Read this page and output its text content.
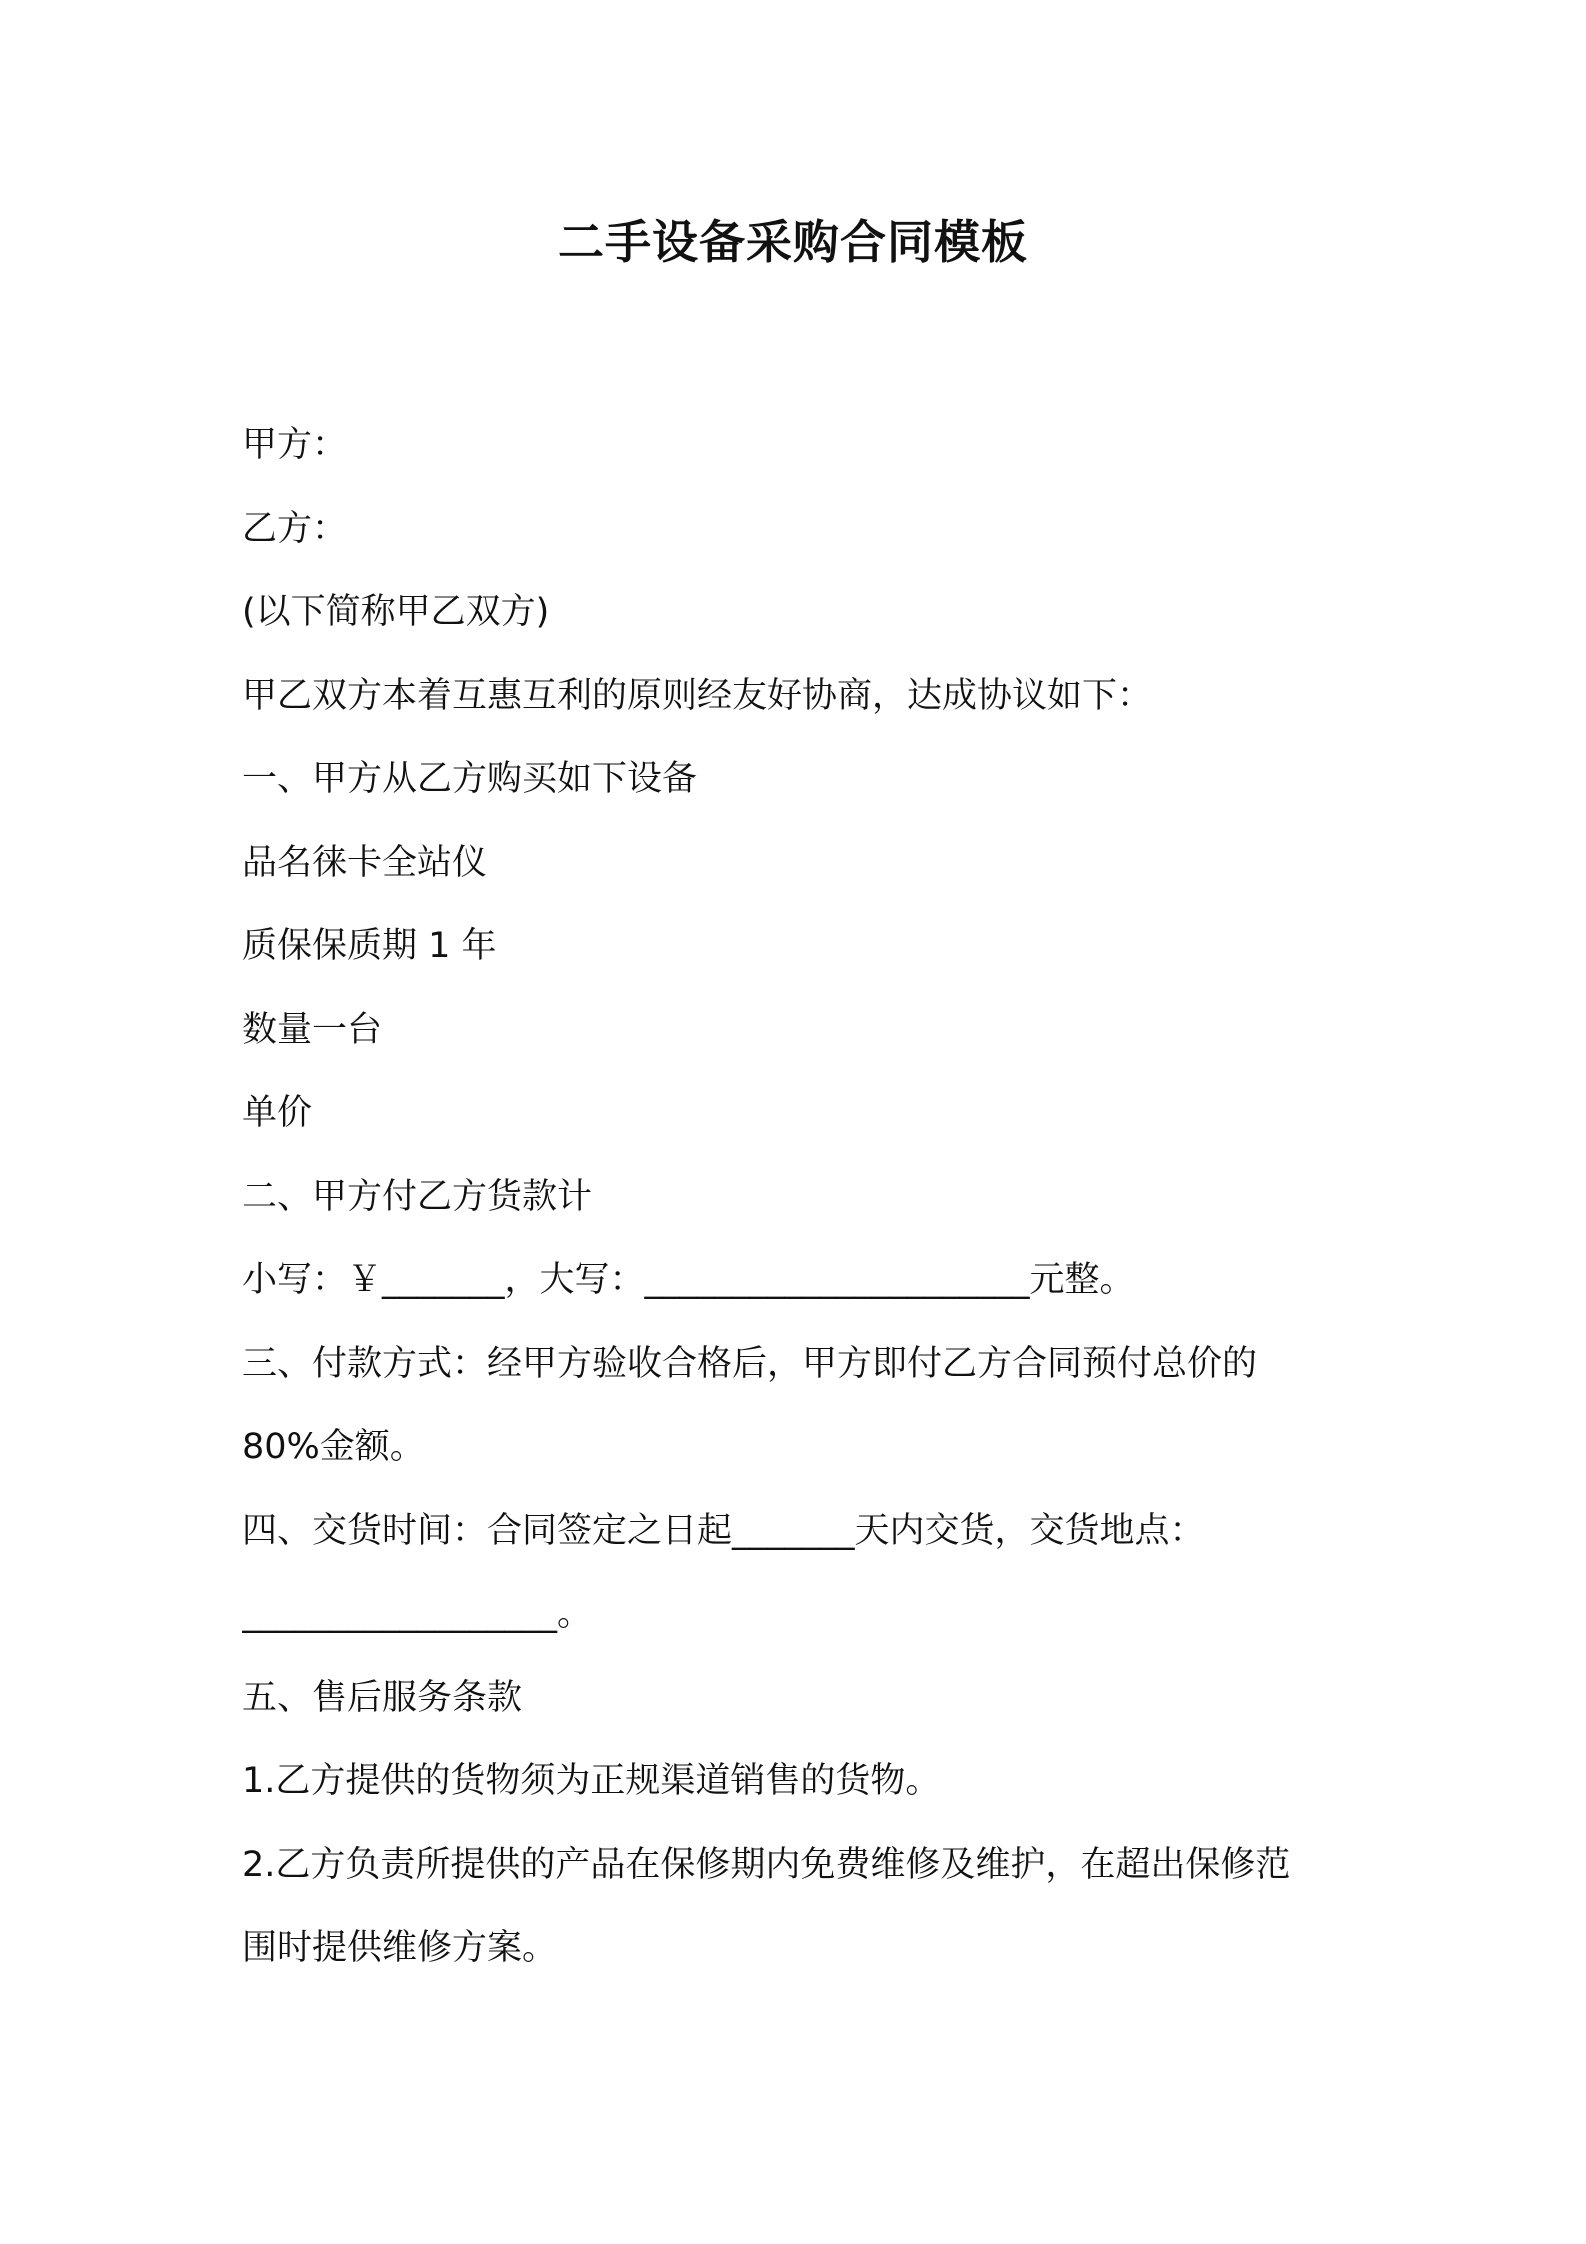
二手设备采购合同模板
甲方：
乙方：
(以下简称甲乙双方)
甲乙双方本着互惠互利的原则经友好协商，达成协议如下：
一、甲方从乙方购买如下设备
品名徕卡全站仪
质保保质期 1 年
数量一台
单价
二、甲方付乙方货款计
小写：￥_______，大写：______________________元整。
三、付款方式：经甲方验收合格后，甲方即付乙方合同预付总价的
80%金额。
四、交货时间：合同签定之日起_______天内交货，交货地点：
__________________。
五、售后服务条款
1.乙方提供的货物须为正规渠道销售的货物。
2.乙方负责所提供的产品在保修期内免费维修及维护，在超出保修范
围时提供维修方案。
